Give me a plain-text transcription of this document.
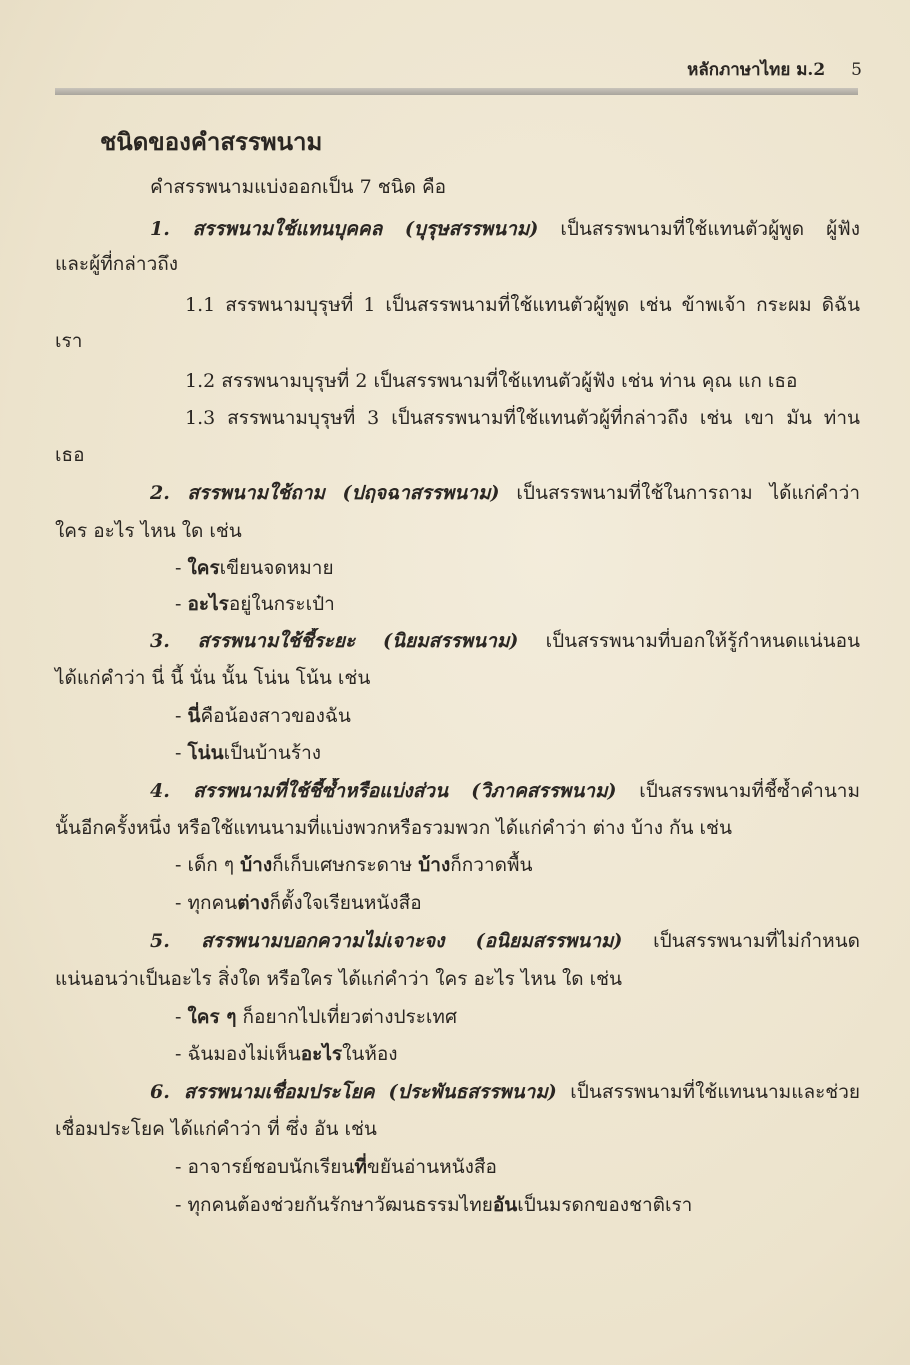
หลักภาษาไทย ม.2 5
ชนิดของคำสรรพนาม
คำสรรพนามแบ่งออกเป็น 7 ชนิด คือ
1. สรรพนามใช้แทนบุคคล (บุรุษสรรพนาม) เป็นสรรพนามที่ใช้แทนตัวผู้พูด ผู้ฟัง
และผู้ที่กล่าวถึง
1.1 สรรพนามบุรุษที่ 1 เป็นสรรพนามที่ใช้แทนตัวผู้พูด เช่น ข้าพเจ้า กระผม ดิฉัน
เรา
1.2 สรรพนามบุรุษที่ 2 เป็นสรรพนามที่ใช้แทนตัวผู้ฟัง เช่น ท่าน คุณ แก เธอ
1.3 สรรพนามบุรุษที่ 3 เป็นสรรพนามที่ใช้แทนตัวผู้ที่กล่าวถึง เช่น เขา มัน ท่าน
เธอ
2. สรรพนามใช้ถาม (ปฤจฉาสรรพนาม) เป็นสรรพนามที่ใช้ในการถาม ได้แก่คำว่า
ใคร อะไร ไหน ใด เช่น
- ใครเขียนจดหมาย
- อะไรอยู่ในกระเป๋า
3. สรรพนามใช้ชี้ระยะ (นิยมสรรพนาม) เป็นสรรพนามที่บอกให้รู้กำหนดแน่นอน
ได้แก่คำว่า นี่ นี้ นั่น นั้น โน่น โน้น เช่น
- นี่คือน้องสาวของฉัน
- โน่นเป็นบ้านร้าง
4. สรรพนามที่ใช้ชี้ซ้ำหรือแบ่งส่วน (วิภาคสรรพนาม) เป็นสรรพนามที่ชี้ซ้ำคำนาม
นั้นอีกครั้งหนึ่ง หรือใช้แทนนามที่แบ่งพวกหรือรวมพวก ได้แก่คำว่า ต่าง บ้าง กัน เช่น
- เด็ก ๆ บ้างก็เก็บเศษกระดาษ บ้างก็กวาดพื้น
- ทุกคนต่างก็ตั้งใจเรียนหนังสือ
5. สรรพนามบอกความไม่เจาะจง (อนิยมสรรพนาม) เป็นสรรพนามที่ไม่กำหนด
แน่นอนว่าเป็นอะไร สิ่งใด หรือใคร ได้แก่คำว่า ใคร อะไร ไหน ใด เช่น
- ใคร ๆ ก็อยากไปเที่ยวต่างประเทศ
- ฉันมองไม่เห็นอะไรในห้อง
6. สรรพนามเชื่อมประโยค (ประพันธสรรพนาม) เป็นสรรพนามที่ใช้แทนนามและช่วย
เชื่อมประโยค ได้แก่คำว่า ที่ ซึ่ง อัน เช่น
- อาจารย์ชอบนักเรียนที่ขยันอ่านหนังสือ
- ทุกคนต้องช่วยกันรักษาวัฒนธรรมไทยอันเป็นมรดกของชาติเรา
